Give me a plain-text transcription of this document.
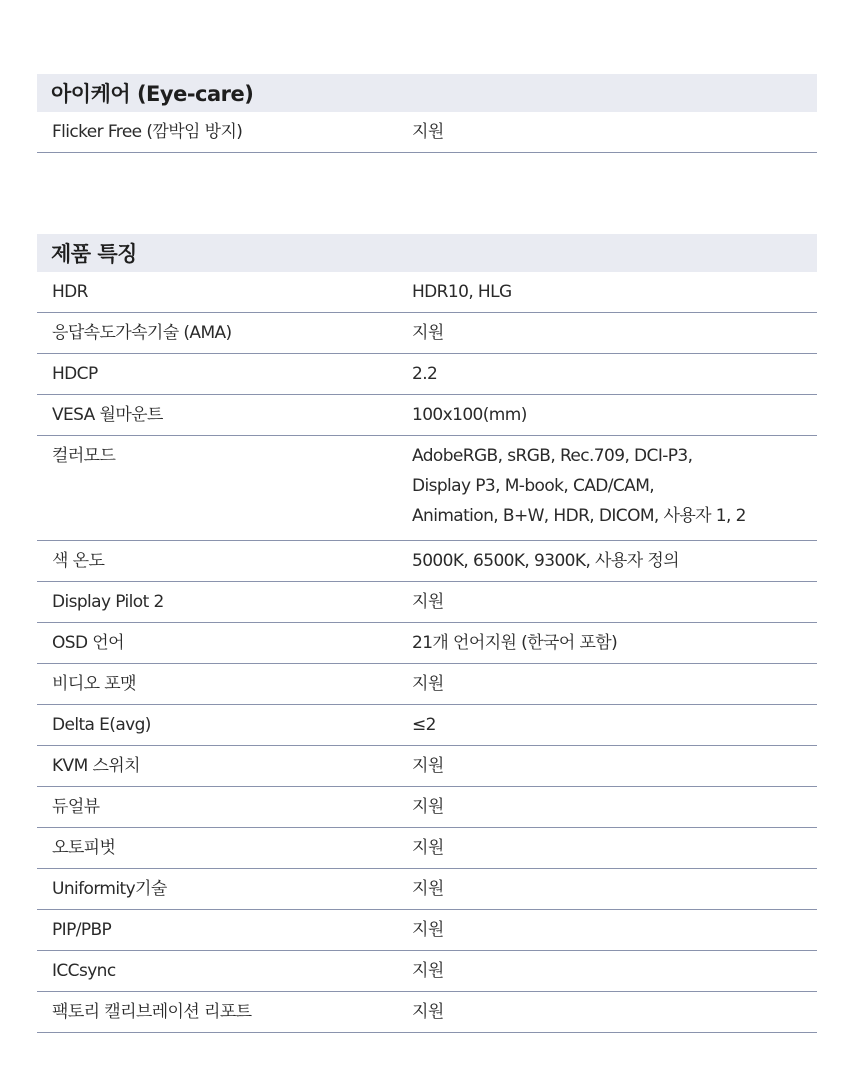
아이케어 (Eye-care)
Flicker Free (깜박임 방지)	지원
제품 특징
HDR	HDR10, HLG
응답속도가속기술 (AMA)	지원
HDCP	2.2
VESA 월마운트	100x100(mm)
컬러모드	AdobeRGB, sRGB, Rec.709, DCI-P3,
Display P3, M-book, CAD/CAM,
Animation, B+W, HDR, DICOM, 사용자 1, 2
색 온도	5000K, 6500K, 9300K, 사용자 정의
Display Pilot 2	지원
OSD 언어	21개 언어지원 (한국어 포함)
비디오 포맷	지원
Delta E(avg)	≤2
KVM 스위치	지원
듀얼뷰	지원
오토피벗	지원
Uniformity기술	지원
PIP/PBP	지원
ICCsync	지원
팩토리 캘리브레이션 리포트	지원
